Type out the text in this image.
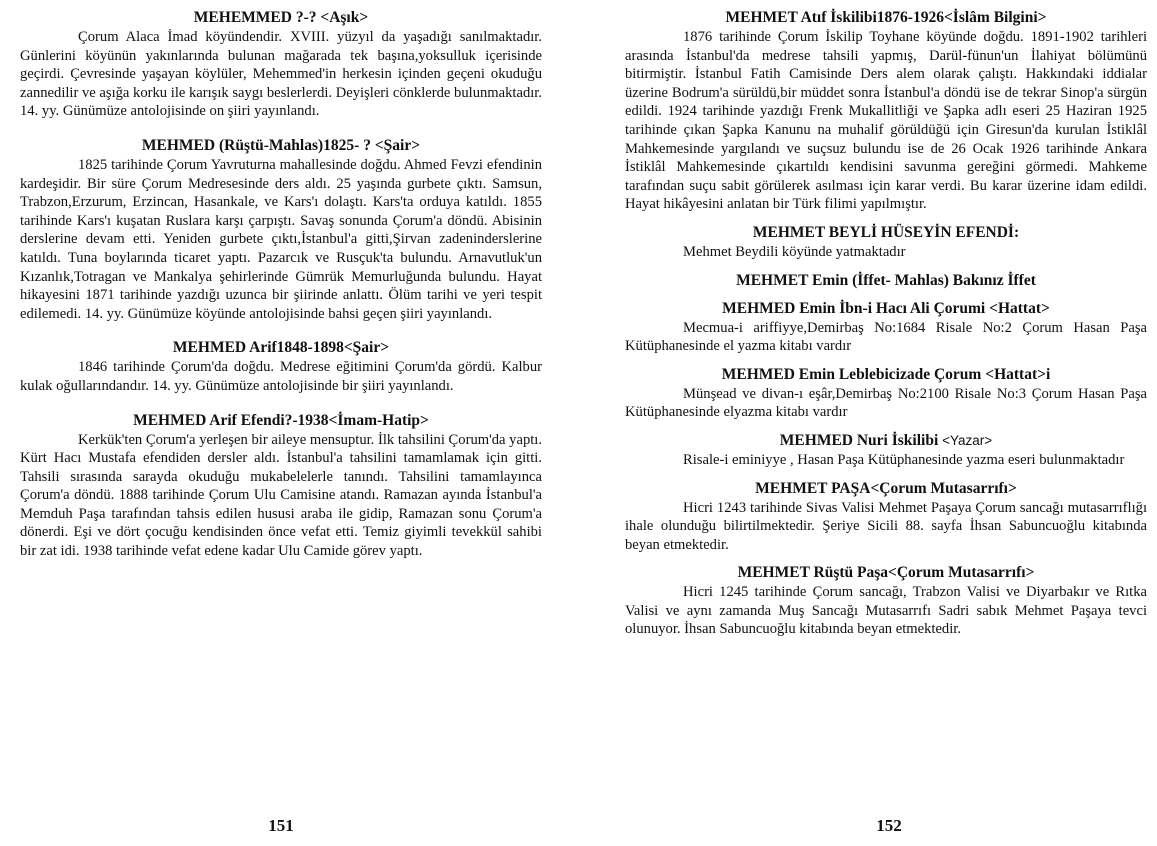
MEHEMMED ?-? <Aşık>

Çorum Alaca İmad köyündendir. XVIII. yüzyıl da yaşadığı sanılmaktadır. Günlerini köyünün yakınlarında bulunan mağarada tek başına,yoksulluk içerisinde geçirdi. Çevresinde yaşayan köylüler, Mehemmed'in herkesin içinden geçeni okuduğu zannedilir ve aşığa korku ile karışık saygı beslerlerdi. Deyişleri cönklerde bulunmaktadır. 14. yy. Günümüze antolojisinde on şiiri yayınlandı.

MEHMED (Rüştü-Mahlas)1825- ? <Şair>

1825 tarihinde Çorum Yavruturna mahallesinde doğdu. Ahmed Fevzi efendinin kardeşidir. Bir süre Çorum Medresesinde ders aldı. 25 yaşında gurbete çıktı. Samsun, Trabzon,Erzurum, Erzincan, Hasankale, ve Kars'ı dolaştı. Kars'ta orduya katıldı. 1855 tarihinde Kars'ı kuşatan Ruslara karşı çarpıştı. Savaş sonunda Çorum'a döndü. Abisinin derslerine devam etti. Yeniden gurbete çıktı,İstanbul'a gitti,Şirvan zadeninderslerine katıldı. Tuna boylarında ticaret yaptı. Pazarcık ve Rusçuk'ta bulundu. Arnavutluk'un Kızanlık,Totragan ve Mankalya şehirlerinde Gümrük Memurluğunda bulundu. Hayat hikayesini 1871 tarihinde yazdığı uzunca bir şiirinde anlattı. Ölüm tarihi ve yeri tespit edilemedi. 14. yy. Günümüze köyünde antolojisinde bahsi geçen şiiri yayınlandı.

MEHMED Arif1848-1898<Şair>

1846 tarihinde Çorum'da doğdu. Medrese eğitimini Çorum'da gördü. Kalbur kulak oğullarındandır. 14. yy. Günümüze antolojisinde bir şiiri yayınlandı.

MEHMED Arif Efendi?-1938<İmam-Hatip>

Kerkük'ten Çorum'a yerleşen bir aileye mensuptur. İlk tahsilini Çorum'da yaptı. Kürt Hacı Mustafa efendiden dersler aldı. İstanbul'a tahsilini tamamlamak için gitti. Tahsili sırasında sarayda okuduğu mukabelelerle tanındı. Tahsilini tamamlayınca Çorum'a döndü. 1888 tarihinde Çorum Ulu Camisine atandı. Ramazan ayında İstanbul'a Memduh Paşa tarafından tahsis edilen hususi araba ile gidip, Ramazan sonu Çorum'a dönerdi. Eşi ve dört çocuğu kendisinden önce vefat etti. Temiz giyimli tevekkül sahibi bir zat idi. 1938 tarihinde vefat edene kadar Ulu Camide görev yaptı.

151
MEHMET Atıf İskilibi1876-1926<İslâm Bilgini>

1876 tarihinde Çorum İskilip Toyhane köyünde doğdu. 1891-1902 tarihleri arasında İstanbul'da medrese tahsili yapmış, Darül-fünun'un İlahiyat bölümünü bitirmiştir. İstanbul Fatih Camisinde Ders alem olarak çalıştı. Hakkındaki iddialar üzerine Bodrum'a sürüldü,bir müddet sonra İstanbul'a döndü ise de tekrar Sinop'a sürgün edildi. 1924 tarihinde yazdığı Frenk Mukallitliği ve Şapka adlı eseri 25 Haziran 1925 tarihinde çıkan Şapka Kanunu na muhalif görüldüğü için Giresun'da kurulan İstiklâl Mahkemesinde yargılandı ve suçsuz bulundu ise de 26 Ocak 1926 tarihinde Ankara İstiklâl Mahkemesinde çıkartıldı kendisini savunma gereğini görmedi. Mahkeme tarafından suçu sabit görülerek asılması için karar verdi. Bu karar üzerine idam edildi. Hayat hikâyesini anlatan bir Türk filimi yapılmıştır.

MEHMET BEYLİ HÜSEYİN EFENDİ:

Mehmet Beydili köyünde yatmaktadır

MEHMET Emin (İffet- Mahlas) Bakınız İffet
MEHMED Emin İbn-i Hacı Ali Çorumi <Hattat>

Mecmua-i ariffiyye,Demirbaş No:1684 Risale No:2 Çorum Hasan Paşa Kütüphanesinde el yazma kitabı vardır

MEHMED Emin Leblebicizade Çorum <Hattat>i

Münşead ve divan-ı eşâr,Demirbaş No:2100 Risale No:3 Çorum Hasan Paşa Kütüphanesinde elyazma kitabı vardır

MEHMED Nuri İskilibi <Yazar>

Risale-i eminiyye , Hasan Paşa Kütüphanesinde yazma eseri bulunmaktadır

MEHMET PAŞA<Çorum Mutasarrıfı>

Hicri 1243 tarihinde Sivas Valisi Mehmet Paşaya Çorum sancağı mutasarrıflığı ihale olunduğu bilirtilmektedir. Şeriye Sicili 88. sayfa İhsan Sabuncuoğlu kitabında beyan etmektedir.

MEHMET Rüştü Paşa<Çorum Mutasarrıfı>

Hicri 1245 tarihinde Çorum sancağı, Trabzon Valisi ve Diyarbakır ve Rıtka Valisi ve aynı zamanda Muş Sancağı Mutasarrıfı Sadri sabık Mehmet Paşaya tevci olunuyor. İhsan Sabuncuoğlu kitabında beyan etmektedir.

152
